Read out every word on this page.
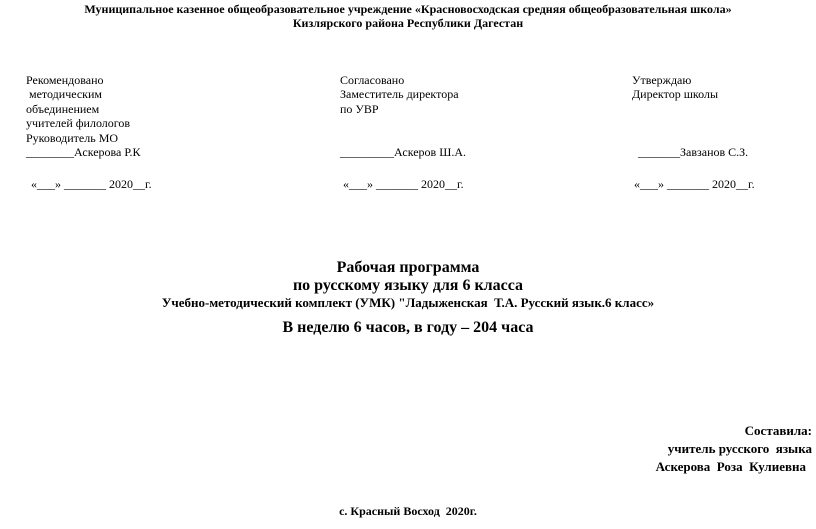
Муниципальное казенное общеобразовательное учреждение «Красновосходская средняя общеобразовательная школа»
Кизлярского района Республики Дагестан
Рекомендовано
методическим
объединением
учителей филологов
Руководитель МО
________Аскерова Р.К
«___» _______ 2020__г.
Согласовано
Заместитель директора
по УВР
_________Аскеров Ш.А.
«___» _______ 2020__г.
Утверждаю
Директор школы
_______Завзанов С.З.
«___» _______ 2020__г.
Рабочая программа
по русскому языку для 6 класса
Учебно-методический комплект (УМК) "Ладыженская  Т.А. Русский язык.6 класс»
В неделю 6 часов, в году – 204 часа
Составила:
учитель русского  языка
Аскерова  Роза  Кулиевна
с. Красный Восход  2020г.
